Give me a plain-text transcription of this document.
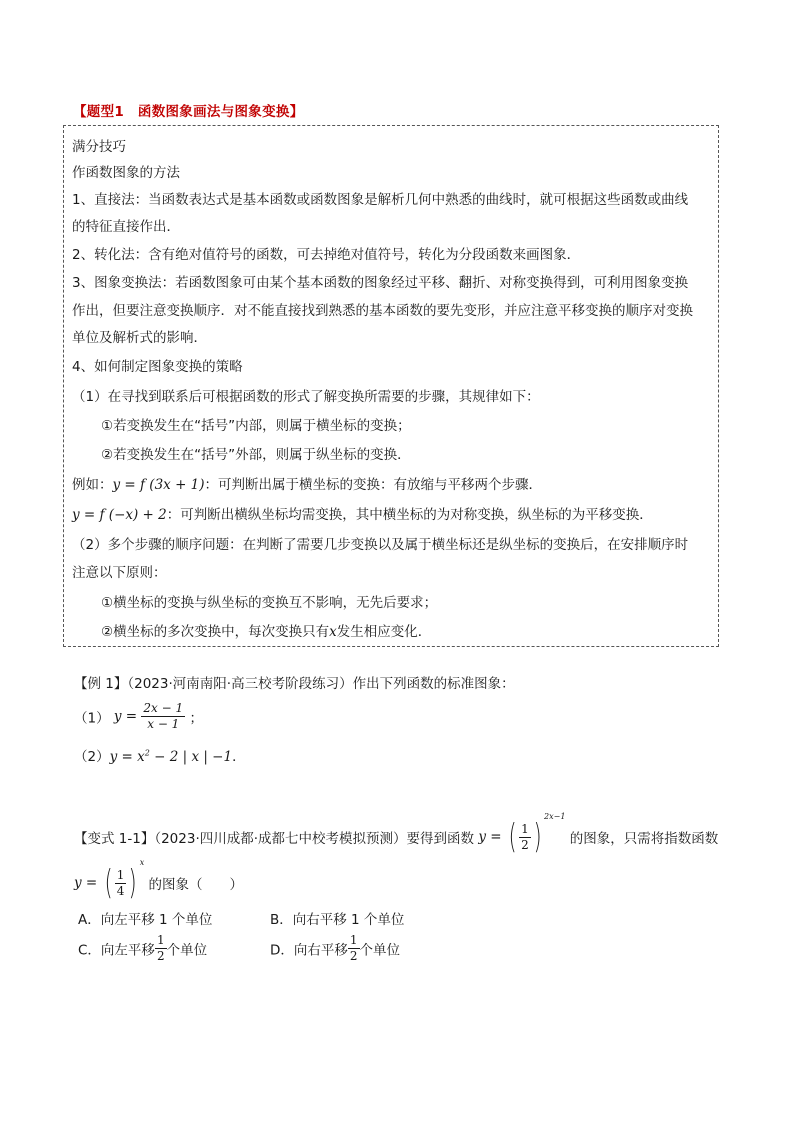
【题型1　函数图象画法与图象变换】
满分技巧
作函数图象的方法
1、直接法：当函数表达式是基本函数或函数图象是解析几何中熟悉的曲线时，就可根据这些函数或曲线
的特征直接作出．
2、转化法：含有绝对值符号的函数，可去掉绝对值符号，转化为分段函数来画图象．
3、图象变换法：若函数图象可由某个基本函数的图象经过平移、翻折、对称变换得到，可利用图象变换
作出，但要注意变换顺序．对不能直接找到熟悉的基本函数的要先变形，并应注意平移变换的顺序对变换
单位及解析式的影响．
4、如何制定图象变换的策略
（1）在寻找到联系后可根据函数的形式了解变换所需要的步骤，其规律如下：
①若变换发生在“括号”内部，则属于横坐标的变换；
②若变换发生在“括号”外部，则属于纵坐标的变换．
例如：y = f (3x + 1)：可判断出属于横坐标的变换：有放缩与平移两个步骤．
y = f (−x) + 2：可判断出横纵坐标均需变换，其中横坐标的为对称变换，纵坐标的为平移变换．
（2）多个步骤的顺序问题：在判断了需要几步变换以及属于横坐标还是纵坐标的变换后，在安排顺序时
注意以下原则：
①横坐标的变换与纵坐标的变换互不影响，无先后要求；
②横坐标的多次变换中，每次变换只有x发生相应变化．
【例 1】（2023·河南南阳·高三校考阶段练习）作出下列函数的标准图象：
（1） $y = \frac{2x - 1}{x - 1}$ ；
$(2)y = x^2 - 2$ | x | −1．
【变式 1-1】（2023·四川成都·成都七中校考模拟预测）要得到函数 y = ( $\frac{1}{2} )^{2x-1}$ 的图象，只需将指数函数
y = ( $\frac{1}{4} )^x$ 的图象（　　）
A．向左平移 1 个单位	B．向右平移 1 个单位
C．向左平移 $\frac{1}{2}$ 个单位	D．向右平移 $\frac{1}{2}$ 个单位
